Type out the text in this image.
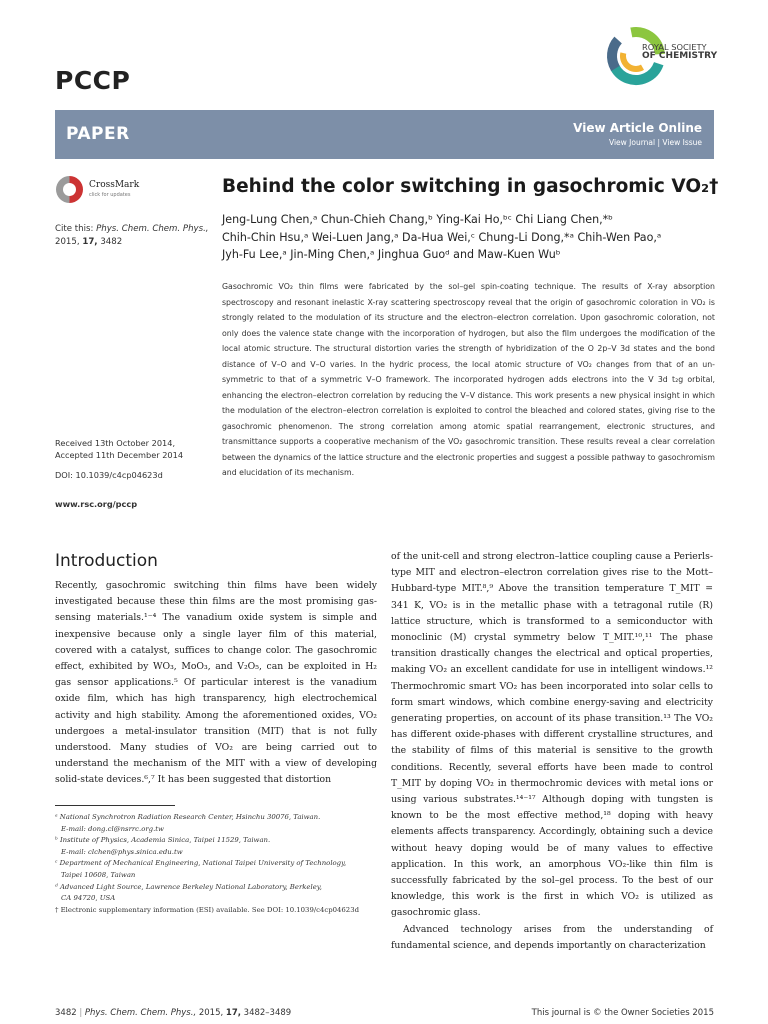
PCCP
ROYAL SOCIETY
OF CHEMISTRY
PAPER	View Article Online
View Journal | View Issue
CrossMark
click for updates	Behind the color switching in gasochromic VO₂†
Cite this: Phys. Chem. Chem. Phys., 2015, 17, 3482
Jeng-Lung Chen,ᵃ Chun-Chieh Chang,ᵇ Ying-Kai Ho,ᵇᶜ Chi Liang Chen,*ᵇ
Chih-Chin Hsu,ᵃ Wei-Luen Jang,ᵃ Da-Hua Wei,ᶜ Chung-Li Dong,*ᵃ Chih-Wen Pao,ᵃ
Jyh-Fu Lee,ᵃ Jin-Ming Chen,ᵃ Jinghua Guoᵈ and Maw-Kuen Wuᵇ
Gasochromic VO₂ thin films were fabricated by the sol–gel spin-coating technique. The results of X-ray absorption spectroscopy and resonant inelastic X-ray scattering spectroscopy reveal that the origin of gasochromic coloration in VO₂ is strongly related to the modulation of its structure and the electron–electron correlation. Upon gasochromic coloration, not only does the valence state change with the incorporation of hydrogen, but also the film undergoes the modification of the local atomic structure. The structural distortion varies the strength of hybridization of the O 2p–V 3d states and the bond distance of V–O and V–O varies. In the hydric process, the local atomic structure of VO₂ changes from that of an un-symmetric to that of a symmetric V–O framework. The incorporated hydrogen adds electrons into the V 3d t₂g orbital, enhancing the electron–electron correlation by reducing the V–V distance. This work presents a new physical insight in which the modulation of the electron–electron correlation is exploited to control the bleached and colored states, giving rise to the gasochromic phenomenon. The strong correlation among atomic spatial rearrangement, electronic structures, and transmittance supports a cooperative mechanism of the VO₂ gasochromic transition. These results reveal a clear correlation between the dynamics of the lattice structure and the electronic properties and suggest a possible pathway to gasochromism and elucidation of its mechanism.
Received 13th October 2014,
Accepted 11th December 2014
DOI: 10.1039/c4cp04623d
www.rsc.org/pccp
Introduction

Recently, gasochromic switching thin films have been widely investigated because these thin films are the most promising gas-sensing materials.¹⁻⁴ The vanadium oxide system is simple and inexpensive because only a single layer film of this material, covered with a catalyst, suffices to change color. The gasochromic effect, exhibited by WO₃, MoO₃, and V₂O₅, can be exploited in H₂ gas sensor applications.⁵ Of particular interest is the vanadium oxide film, which has high transparency, high electrochemical activity and high stability. Among the aforementioned oxides, VO₂ undergoes a metal-insulator transition (MIT) that is not fully understood. Many studies of VO₂ are being carried out to understand the mechanism of the MIT with a view of developing solid-state devices.⁶,⁷ It has been suggested that distortion

of the unit-cell and strong electron–lattice coupling cause a Perierls-type MIT and electron–electron correlation gives rise to the Mott–Hubbard-type MIT.⁸,⁹ Above the transition temperature T_MIT = 341 K, VO₂ is in the metallic phase with a tetragonal rutile (R) lattice structure, which is transformed to a semiconductor with monoclinic (M) crystal symmetry below T_MIT.¹⁰,¹¹ The phase transition drastically changes the electrical and optical properties, making VO₂ an excellent candidate for use in intelligent windows.¹² Thermochromic smart VO₂ has been incorporated into solar cells to form smart windows, which combine energy-saving and electricity generating properties, on account of its phase transition.¹³ The VO₂ has different oxide-phases with different crystalline structures, and the stability of films of this material is sensitive to the growth conditions. Recently, several efforts have been made to control T_MIT by doping VO₂ in thermochromic devices with metal ions or using various substrates.¹⁴⁻¹⁷ Although doping with tungsten is known to be the most effective method,¹⁸ doping with heavy elements affects transparency. Accordingly, obtaining such a device without heavy doping would be of many values to effective application. In this work, an amorphous VO₂-like thin film is successfully fabricated by the sol–gel process. To the best of our knowledge, this work is the first in which VO₂ is utilized as gasochromic glass.

Advanced technology arises from the understanding of fundamental science, and depends importantly on characterization

ᵃ National Synchrotron Radiation Research Center, Hsinchu 30076, Taiwan.
E-mail: dong.cl@nsrrc.org.tw
ᵇ Institute of Physics, Academia Sinica, Taipei 11529, Taiwan.
E-mail: clchen@phys.sinica.edu.tw
ᶜ Department of Mechanical Engineering, National Taipei University of Technology,
Taipei 10608, Taiwan
ᵈ Advanced Light Source, Lawrence Berkeley National Laboratory, Berkeley,
CA 94720, USA
† Electronic supplementary information (ESI) available. See DOI: 10.1039/c4cp04623d
3482 | Phys. Chem. Chem. Phys., 2015, 17, 3482–3489	This journal is © the Owner Societies 2015
